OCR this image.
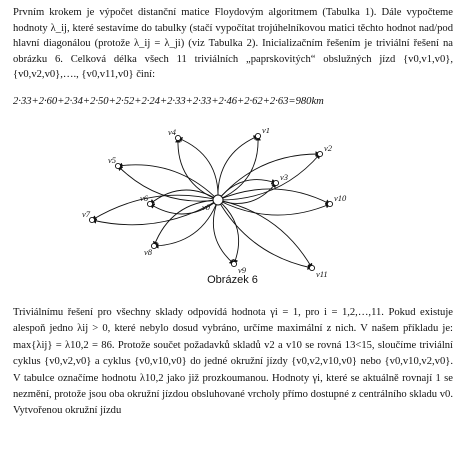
Prvním krokem je výpočet distanční matice Floydovým algoritmem (Tabulka 1). Dále vypočteme hodnoty λ_ij, které sestavíme do tabulky (stačí vypočítat trojúhelníkovou matici těchto hodnot nad/pod hlavní diagonálou (protože λ_ij = λ_ji) (viz Tabulka 2). Inicializačním řešením je triviální řešení na obrázku 6. Celková délka všech 11 triviálních „paprskovitých“ obslužných jízd {v0,v1,v0}, {v0,v2,v0},…., {v0,v11,v0} činí:
2·33+2·60+2·34+2·50+2·52+2·24+2·33+2·33+2·46+2·62+2·63=980km
v1
v2
v3
v4
v5
v6
v7
v8
v9
v10
v11
v0
Obrázek 6
Triviálnímu řešení pro všechny sklady odpovídá hodnota γi = 1, pro i = 1,2,…,11. Pokud existuje alespoň jedno λij > 0, které nebylo dosud vybráno, určíme maximální z nich. V našem příkladu je: max{λij} = λ10,2 = 86. Protože součet požadavků skladů v2 a v10 se rovná 13<15, sloučíme triviální cyklus {v0,v2,v0} a cyklus {v0,v10,v0} do jedné okružní jízdy {v0,v2,v10,v0} nebo {v0,v10,v2,v0}. V tabulce označíme hodnotu λ10,2 jako již prozkoumanou. Hodnoty γi, které se aktuálně rovnají 1 se nezmění, protože jsou oba okružní jízdou obsluhované vrcholy přímo dostupné z centrálního skladu v0. Vytvořenou okružní jízdu
